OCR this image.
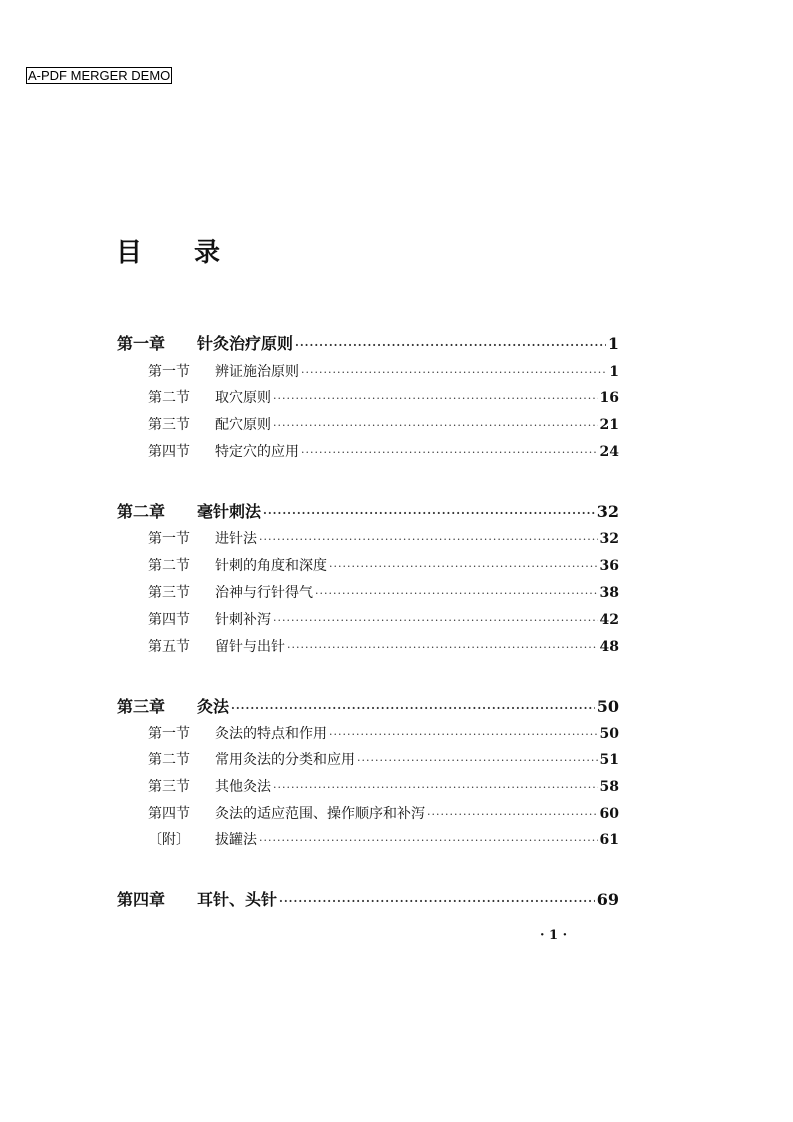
A-PDF MERGER DEMO
目录
第一章	针灸治疗原则 ·····	1
第一节	辨证施治原则 ·····	1
第二节	取穴原则 ·····	16
第三节	配穴原则 ·····	21
第四节	特定穴的应用 ·····	24
第二章	毫针刺法 ·····	32
第一节	进针法 ·····	32
第二节	针刺的角度和深度 ·····	36
第三节	治神与行针得气 ·····	38
第四节	针刺补泻 ·····	42
第五节	留针与出针 ·····	48
第三章	灸法 ·····	50
第一节	灸法的特点和作用 ·····	50
第二节	常用灸法的分类和应用 ·····	51
第三节	其他灸法 ·····	58
第四节	灸法的适应范围、操作顺序和补泻 ·····	60
〔附〕	拔罐法 ·····	61
第四章	耳针、头针 ·····	69
· 1 ·
